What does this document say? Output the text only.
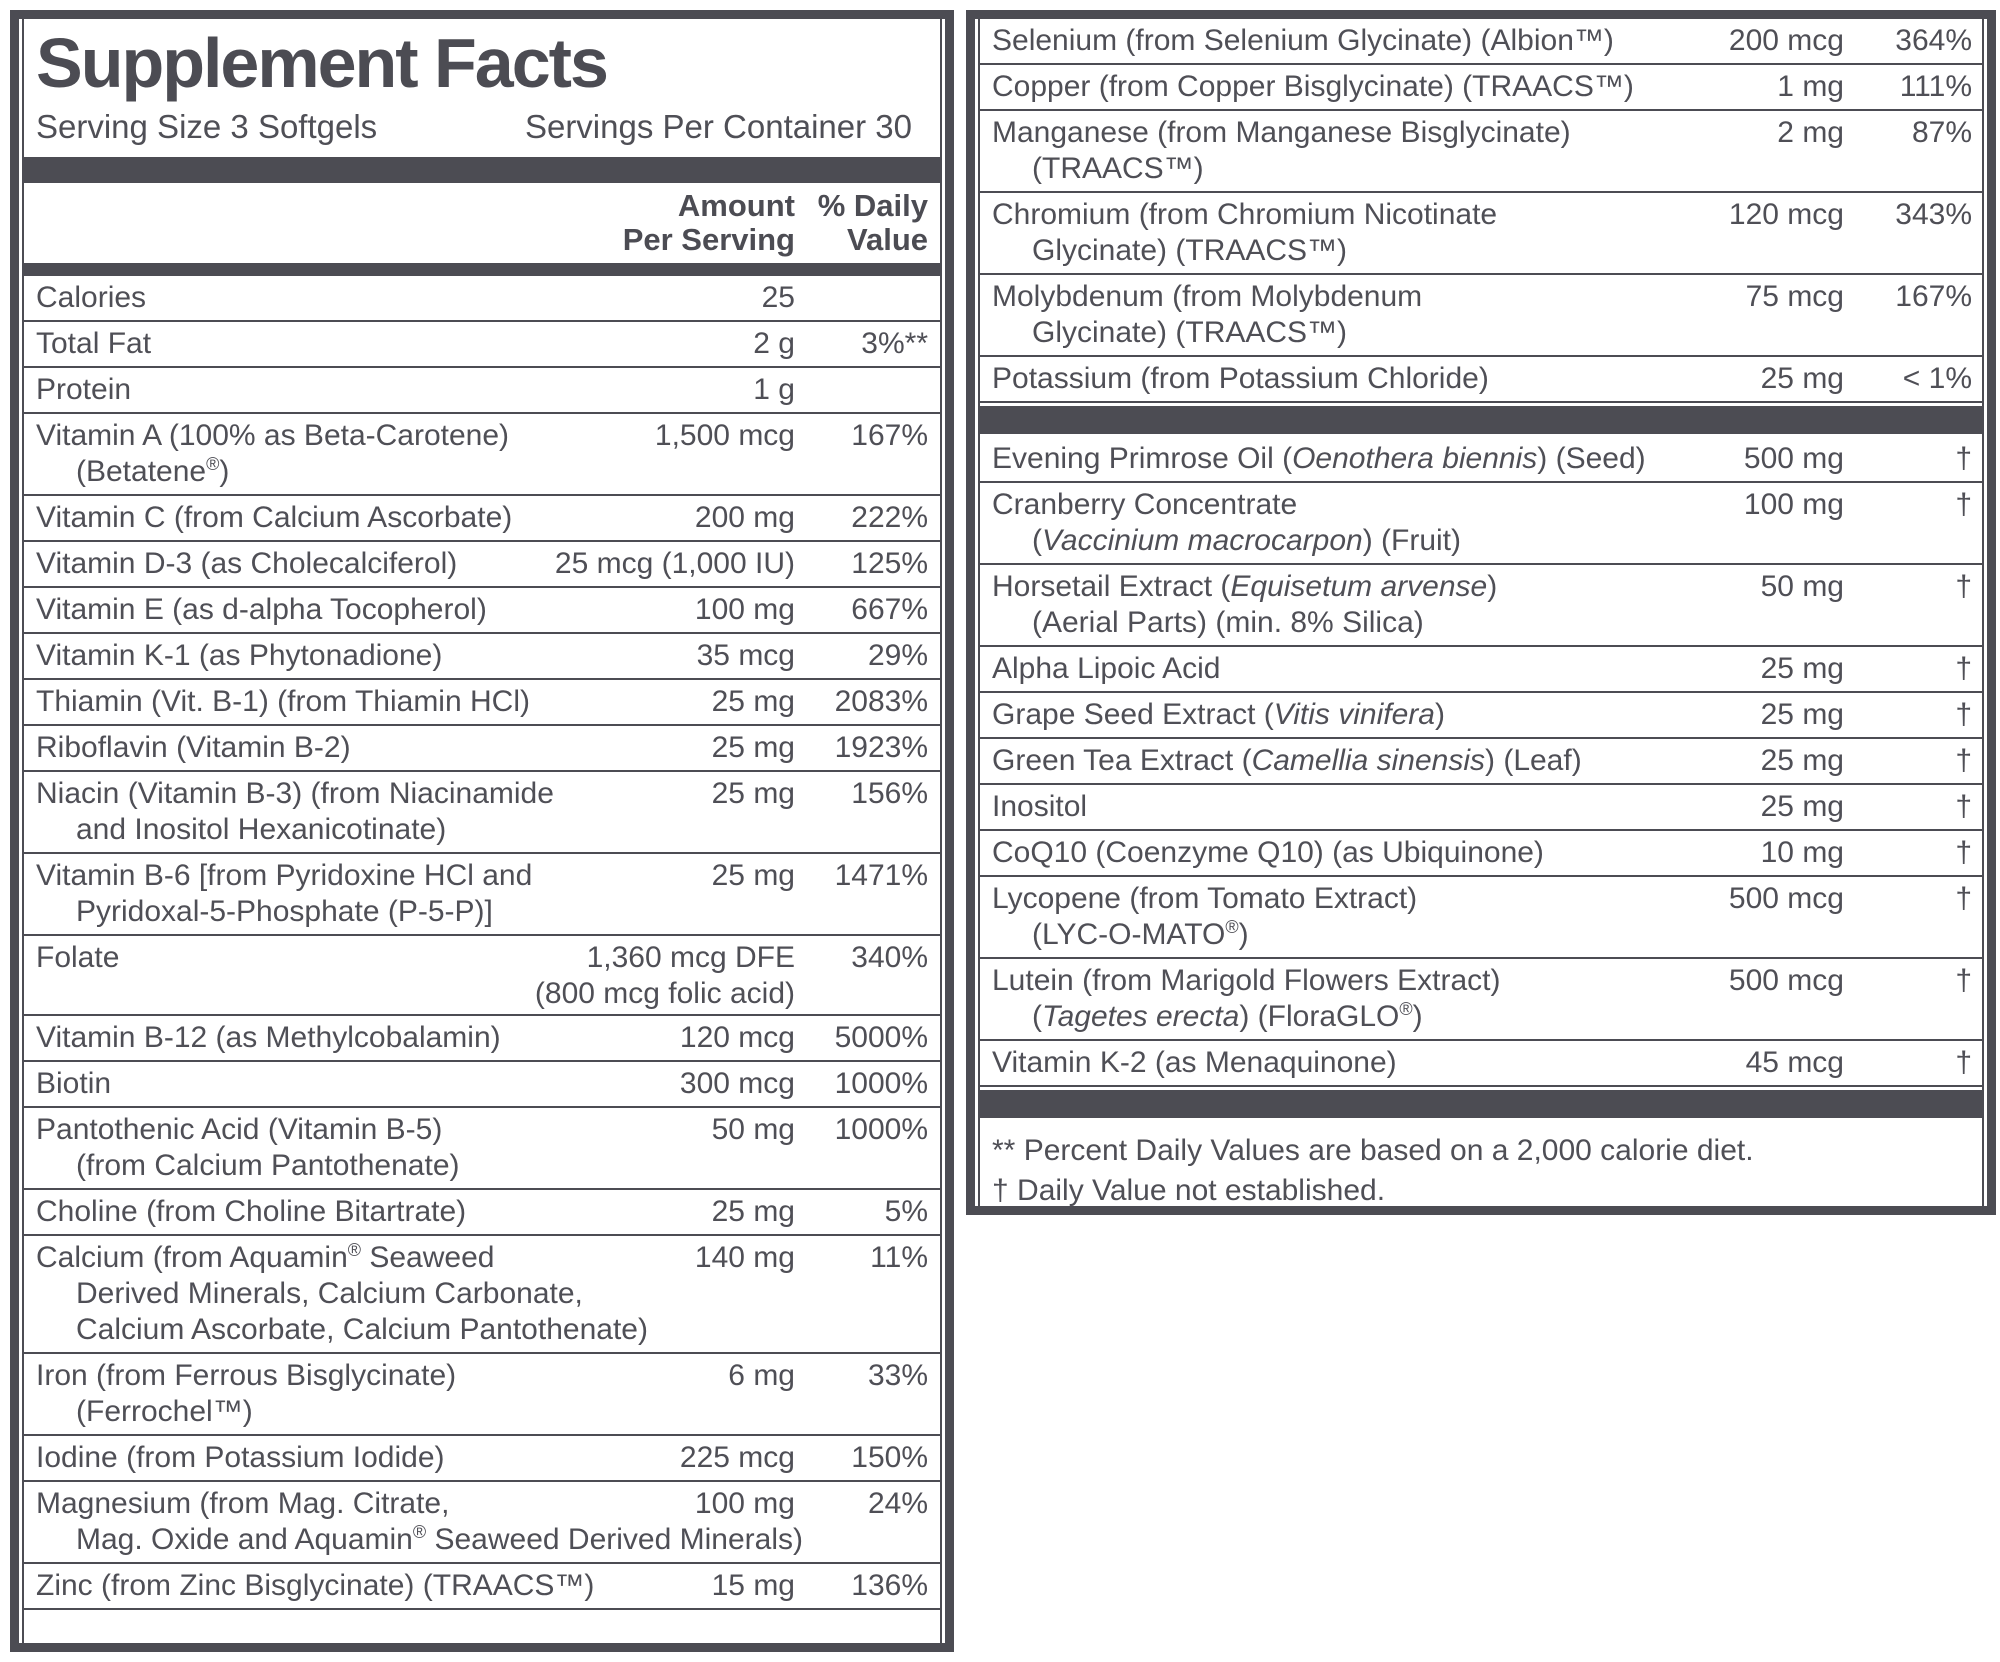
Supplement Facts
Serving Size 3 Softgels	Servings Per Container 30
Amount
Per Serving
% Daily
Value
Calories	25
Total Fat	2 g	3%**
Protein	1 g
Vitamin A (100% as Beta-Carotene)
(Betatene®)
1,500 mcg	167%
Vitamin C (from Calcium Ascorbate)	200 mg	222%
Vitamin D-3 (as Cholecalciferol)	25 mcg (1,000 IU)	125%
Vitamin E (as d-alpha Tocopherol)	100 mg	667%
Vitamin K-1 (as Phytonadione)	35 mcg	29%
Thiamin (Vit. B-1) (from Thiamin HCl)	25 mg	2083%
Riboflavin (Vitamin B-2)	25 mg	1923%
Niacin (Vitamin B-3) (from Niacinamide
and Inositol Hexanicotinate)
25 mg	156%
Vitamin B-6 [from Pyridoxine HCl and
Pyridoxal-5-Phosphate (P-5-P)]
25 mg	1471%
Folate	1,360 mcg DFE
(800 mcg folic acid)
340%
Vitamin B-12 (as Methylcobalamin)	120 mcg	5000%
Biotin	300 mcg	1000%
Pantothenic Acid (Vitamin B-5)
(from Calcium Pantothenate)
50 mg	1000%
Choline (from Choline Bitartrate)	25 mg	5%
Calcium (from Aquamin® Seaweed
Derived Minerals, Calcium Carbonate,
Calcium Ascorbate, Calcium Pantothenate)
140 mg	11%
Iron (from Ferrous Bisglycinate)
(Ferrochel™)
6 mg	33%
Iodine (from Potassium Iodide)	225 mcg	150%
Magnesium (from Mag. Citrate,
Mag. Oxide and Aquamin® Seaweed Derived Minerals)
100 mg	24%
Zinc (from Zinc Bisglycinate) (TRAACS™)	15 mg	136%
Selenium (from Selenium Glycinate) (Albion™)	200 mcg	364%
Copper (from Copper Bisglycinate) (TRAACS™)	1 mg	111%
Manganese (from Manganese Bisglycinate)
(TRAACS™)
2 mg	87%
Chromium (from Chromium Nicotinate
Glycinate) (TRAACS™)
120 mcg	343%
Molybdenum (from Molybdenum
Glycinate) (TRAACS™)
75 mcg	167%
Potassium (from Potassium Chloride)	25 mg	< 1%
Evening Primrose Oil (Oenothera biennis) (Seed)	500 mg	†
Cranberry Concentrate
(Vaccinium macrocarpon) (Fruit)
100 mg	†
Horsetail Extract (Equisetum arvense)
(Aerial Parts) (min. 8% Silica)
50 mg	†
Alpha Lipoic Acid	25 mg	†
Grape Seed Extract (Vitis vinifera)	25 mg	†
Green Tea Extract (Camellia sinensis) (Leaf)	25 mg	†
Inositol	25 mg	†
CoQ10 (Coenzyme Q10) (as Ubiquinone)	10 mg	†
Lycopene (from Tomato Extract)
(LYC-O-MATO®)
500 mcg	†
Lutein (from Marigold Flowers Extract)
(Tagetes erecta) (FloraGLO®)
500 mcg	†
Vitamin K-2 (as Menaquinone)	45 mcg	†
** Percent Daily Values are based on a 2,000 calorie diet.
† Daily Value not established.
